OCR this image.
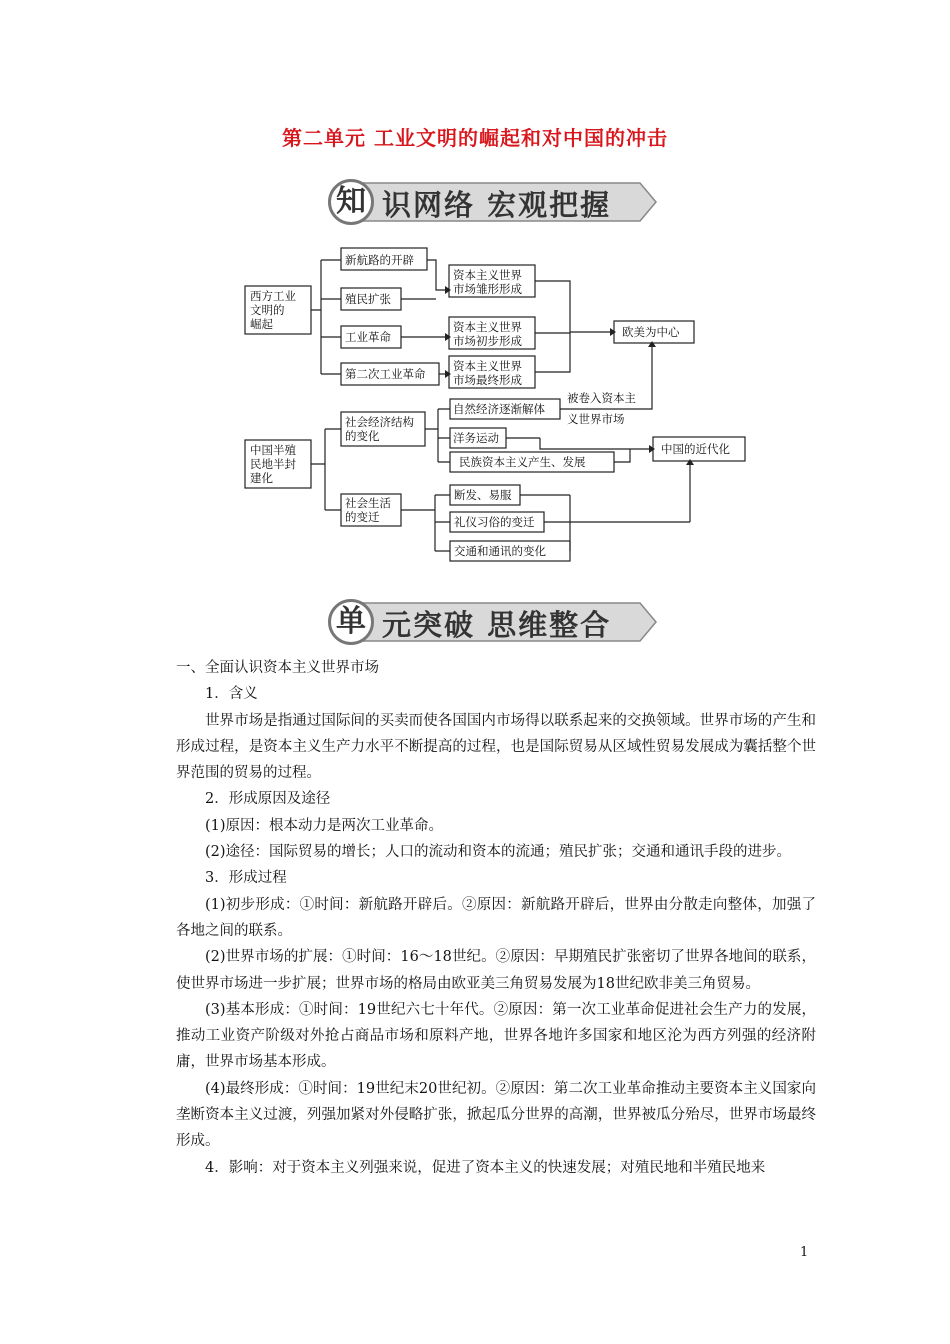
第二单元 工业文明的崛起和对中国的冲击
知 识网络 宏观把握
西方工业
文明的
崛起
新航路的开辟
殖民扩张
工业革命
第二次工业革命
资本主义世界
市场雏形形成
资本主义世界
市场初步形成
资本主义世界
市场最终形成
欧美为中心
被卷入资本主
义世界市场
中国半殖
民地半封
建化
社会经济结构
的变化
社会生活
的变迁
自然经济逐渐解体
洋务运动
民族资本主义产生、发展
中国的近代化
断发、易服
礼仪习俗的变迁
交通和通讯的变化
单 元突破 思维整合

一、全面认识资本主义世界市场

1．含义

世界市场是指通过国际间的买卖而使各国国内市场得以联系起来的交换领域。世界市场的产生和形成过程，是资本主义生产力水平不断提高的过程，也是国际贸易从区域性贸易发展成为囊括整个世界范围的贸易的过程。

2．形成原因及途径

(1)原因：根本动力是两次工业革命。

(2)途径：国际贸易的增长；人口的流动和资本的流通；殖民扩张；交通和通讯手段的进步。

3．形成过程

(1)初步形成：①时间：新航路开辟后。②原因：新航路开辟后，世界由分散走向整体，加强了各地之间的联系。

(2)世界市场的扩展：①时间：16～18世纪。②原因：早期殖民扩张密切了世界各地间的联系，使世界市场进一步扩展；世界市场的格局由欧亚美三角贸易发展为18世纪欧非美三角贸易。

(3)基本形成：①时间：19世纪六七十年代。②原因：第一次工业革命促进社会生产力的发展，推动工业资产阶级对外抢占商品市场和原料产地，世界各地许多国家和地区沦为西方列强的经济附庸，世界市场基本形成。

(4)最终形成：①时间：19世纪末20世纪初。②原因：第二次工业革命推动主要资本主义国家向垄断资本主义过渡，列强加紧对外侵略扩张，掀起瓜分世界的高潮，世界被瓜分殆尽，世界市场最终形成。

4．影响：对于资本主义列强来说，促进了资本主义的快速发展；对殖民地和半殖民地来

1
